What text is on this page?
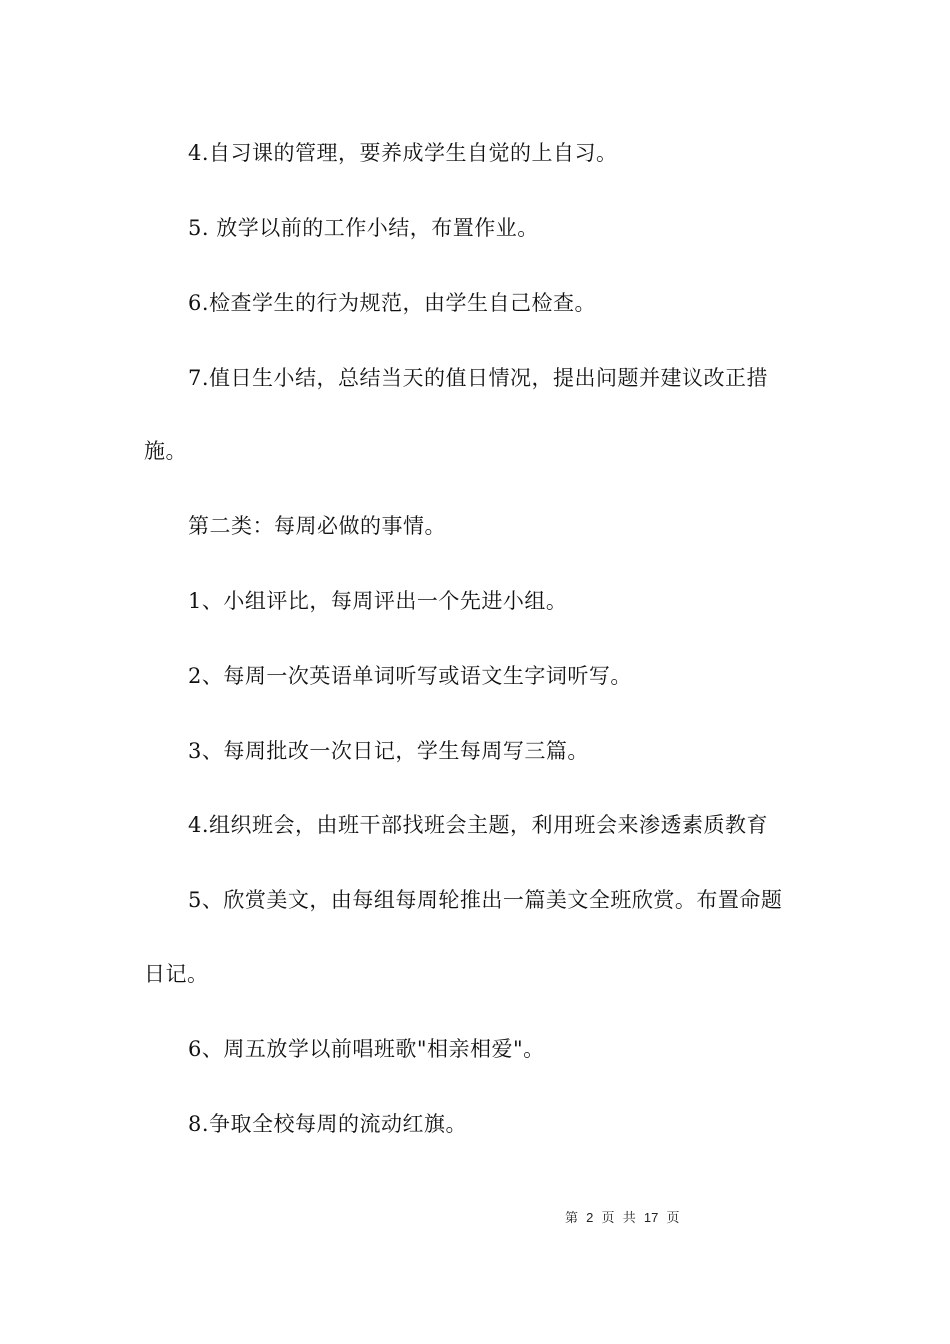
4.自习课的管理，要养成学生自觉的上自习。
5. 放学以前的工作小结，布置作业。
6.检查学生的行为规范，由学生自己检查。
7.值日生小结，总结当天的值日情况，提出问题并建议改正措
施。
第二类：每周必做的事情。
1、小组评比，每周评出一个先进小组。
2、每周一次英语单词听写或语文生字词听写。
3、每周批改一次日记，学生每周写三篇。
4.组织班会，由班干部找班会主题，利用班会来渗透素质教育
5、欣赏美文，由每组每周轮推出一篇美文全班欣赏。布置命题
日记。
6、周五放学以前唱班歌"相亲相爱"。
8.争取全校每周的流动红旗。
第 2 页 共 17 页
